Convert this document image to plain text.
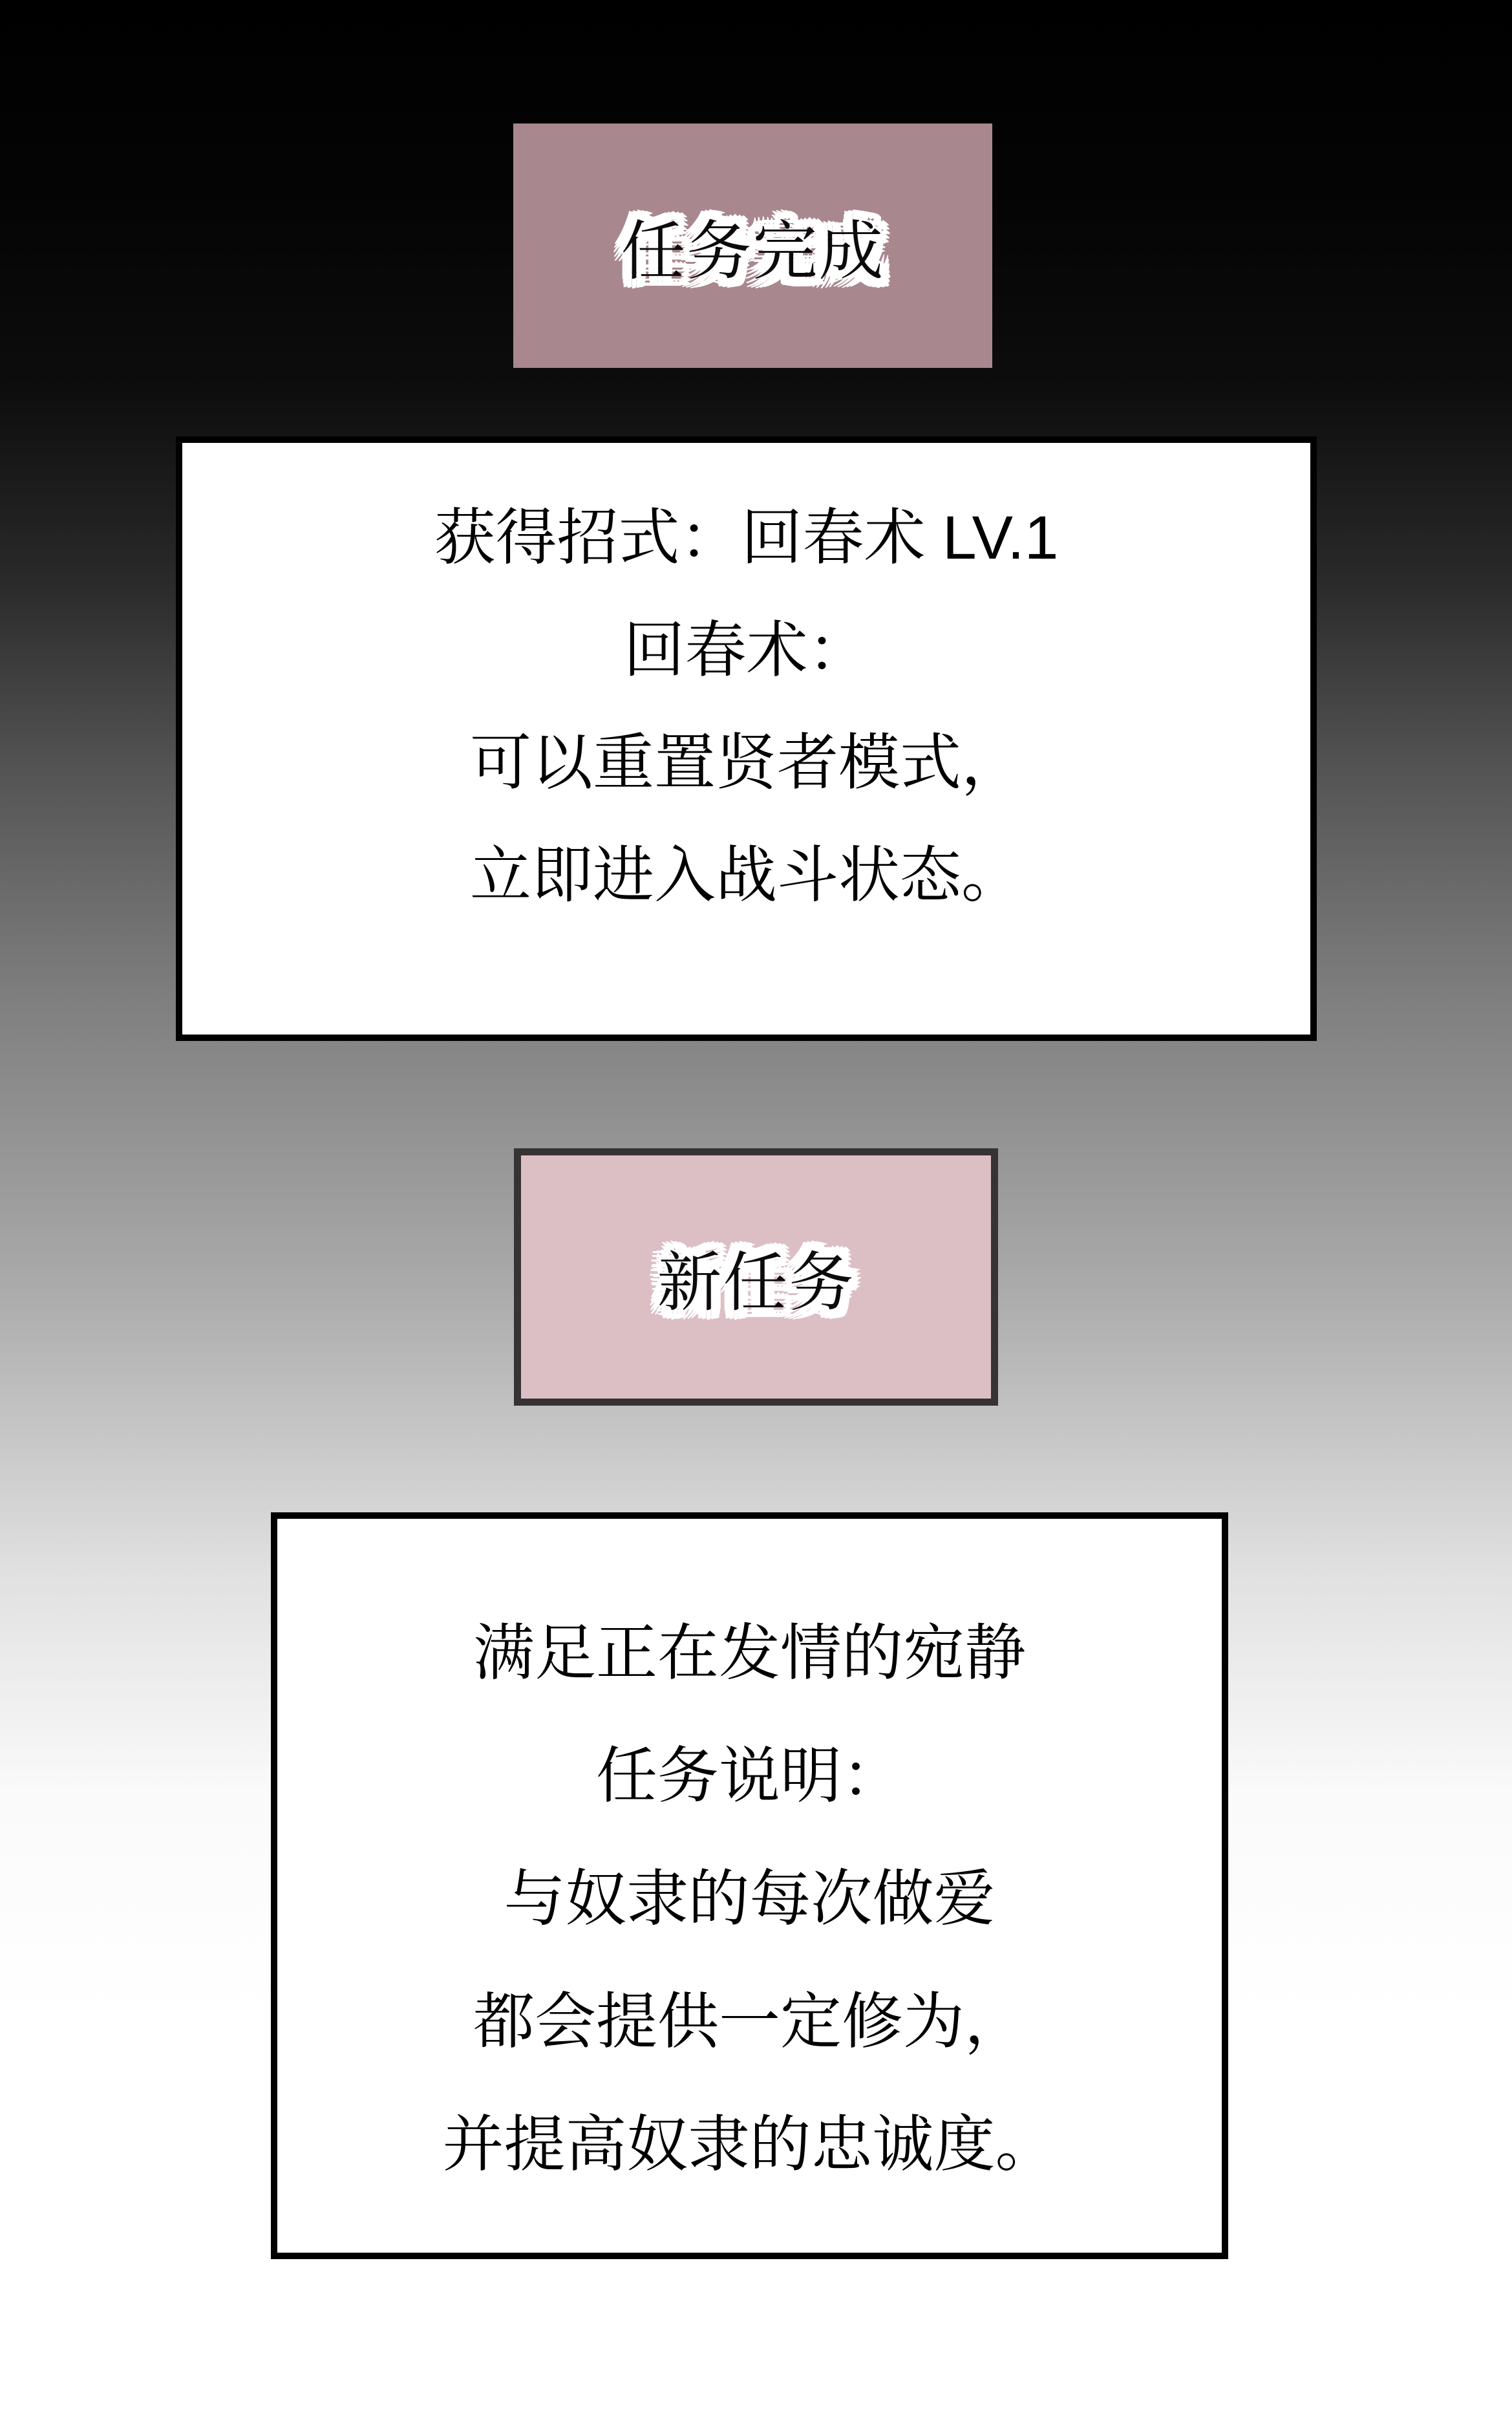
任务完成
获得招式：回春术 LV.1
回春术：
可以重置贤者模式，
立即进入战斗状态。
新任务
满足正在发情的宛静
任务说明：
与奴隶的每次做爱
都会提供一定修为，
并提高奴隶的忠诚度。
